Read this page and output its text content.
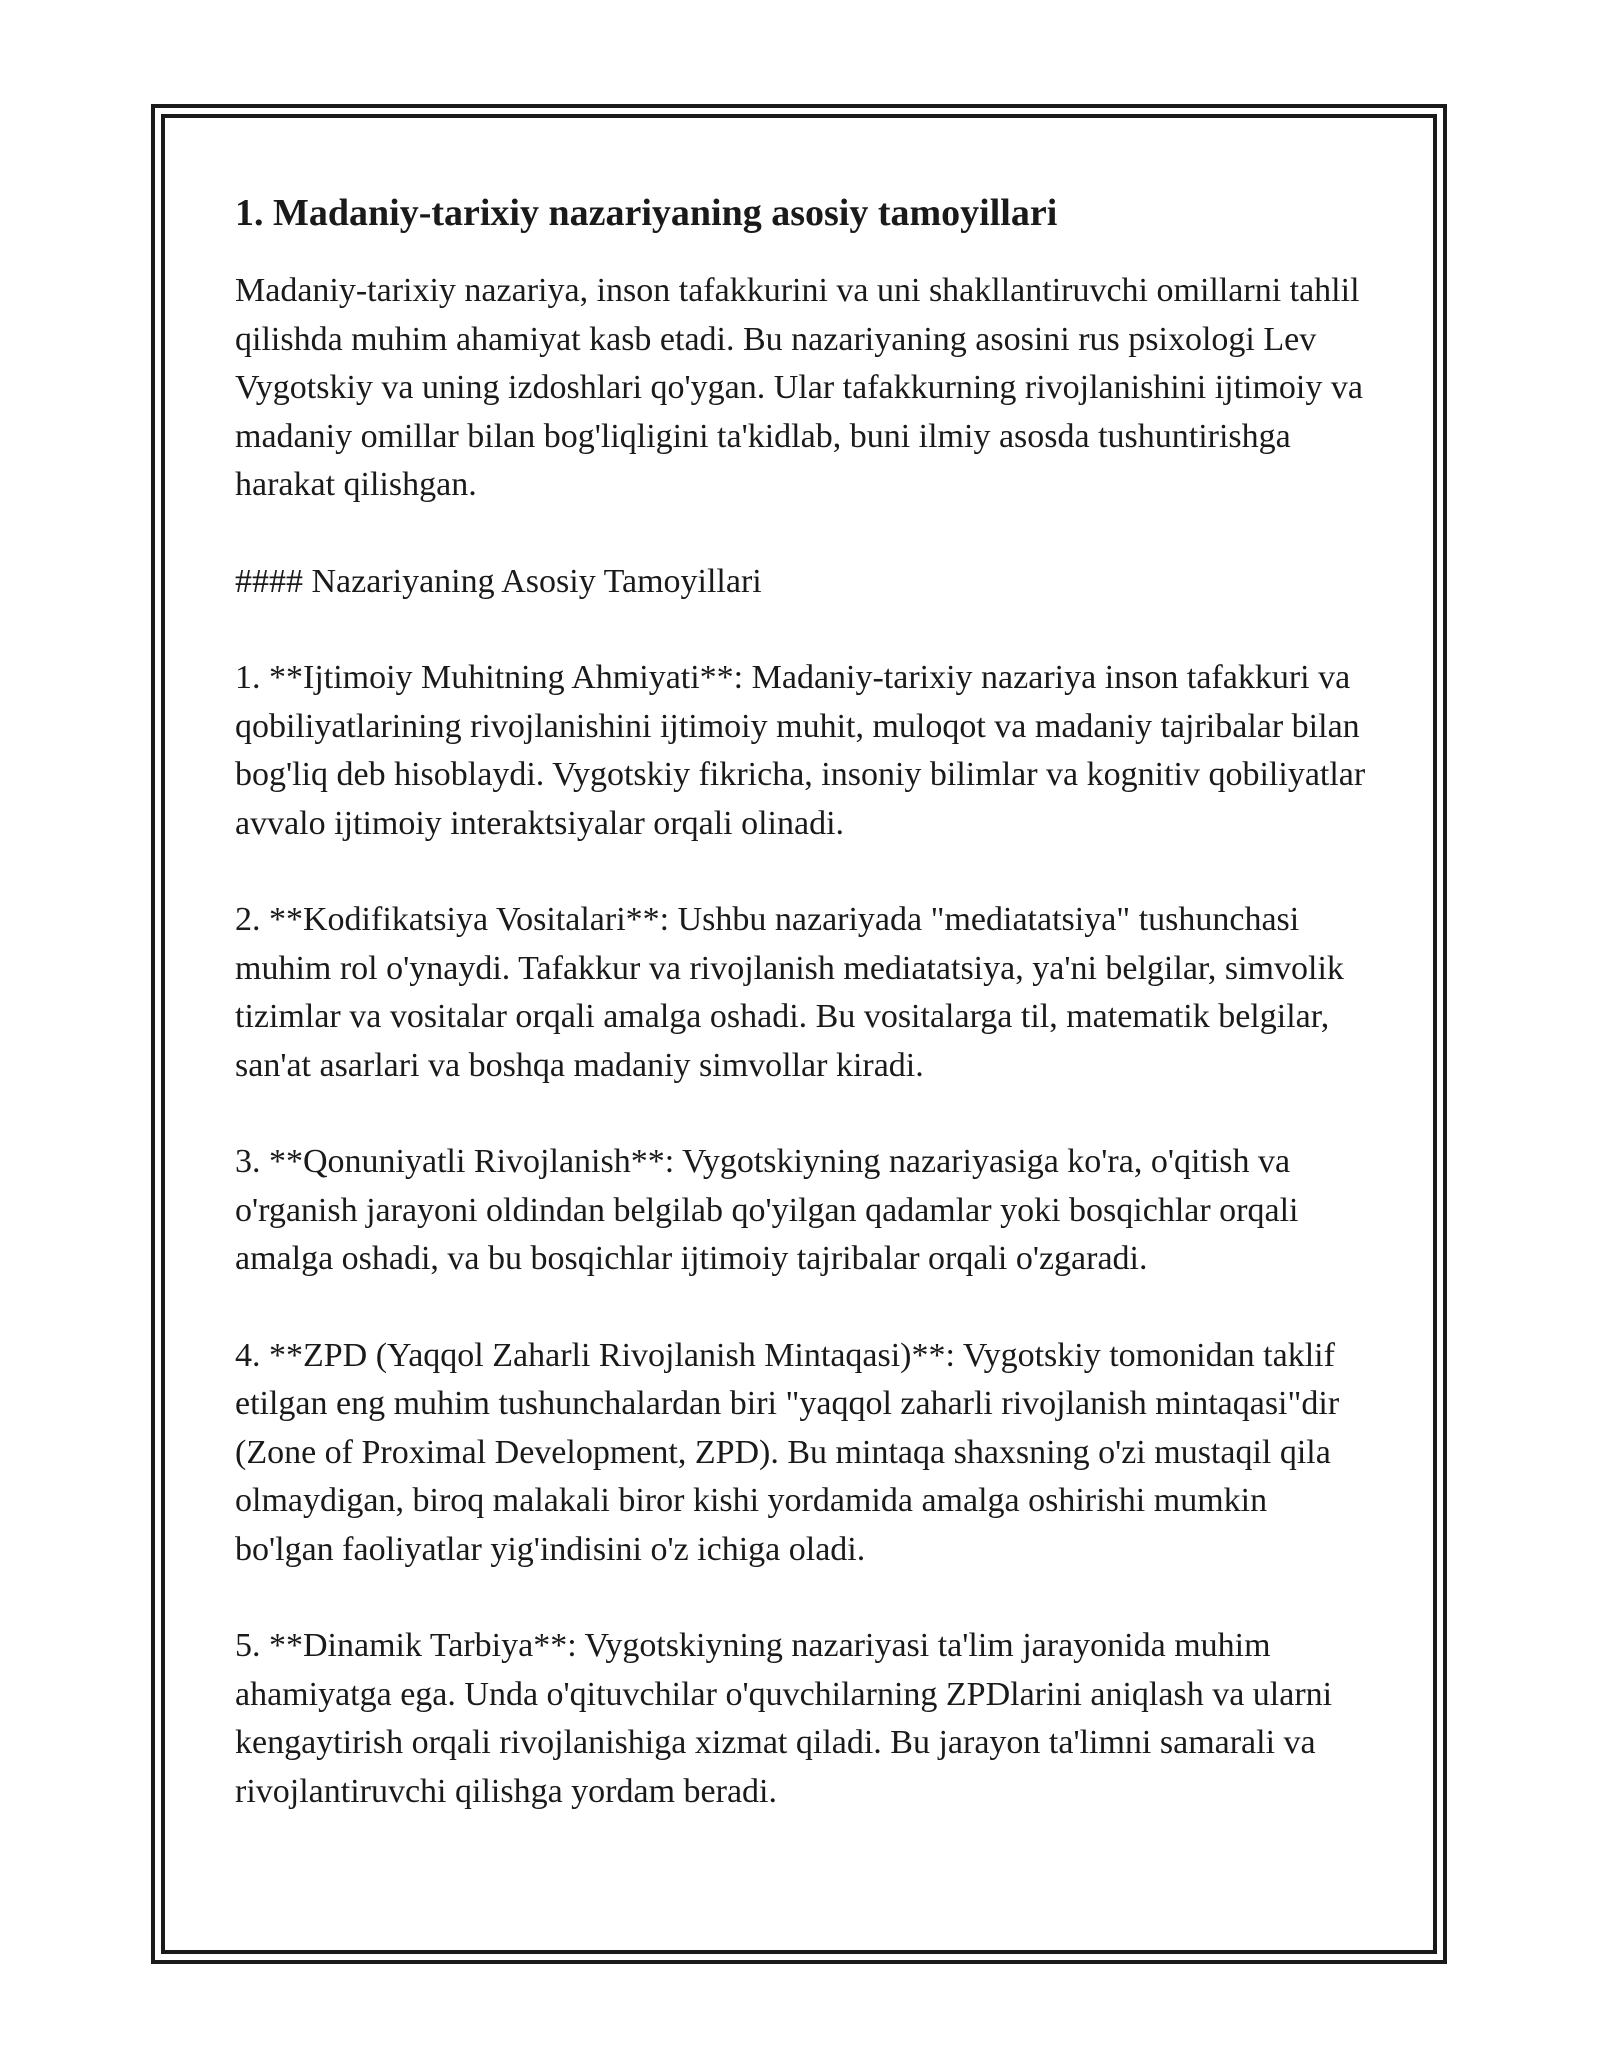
1. Madaniy-tarixiy nazariyaning asosiy tamoyillari

Madaniy-tarixiy nazariya, inson tafakkurini va uni shakllantiruvchi omillarni tahlil qilishda muhim ahamiyat kasb etadi. Bu nazariyaning asosini rus psixologi Lev Vygotskiy va uning izdoshlari qo'ygan. Ular tafakkurning rivojlanishini ijtimoiy va madaniy omillar bilan bog'liqligini ta'kidlab, buni ilmiy asosda tushuntirishga harakat qilishgan.

#### Nazariyaning Asosiy Tamoyillari

1. **Ijtimoiy Muhitning Ahmiyati**: Madaniy-tarixiy nazariya inson tafakkuri va qobiliyatlarining rivojlanishini ijtimoiy muhit, muloqot va madaniy tajribalar bilan bog'liq deb hisoblaydi. Vygotskiy fikricha, insoniy bilimlar va kognitiv qobiliyatlar avvalo ijtimoiy interaktsiyalar orqali olinadi.

2. **Kodifikatsiya Vositalari**: Ushbu nazariyada "mediatatsiya" tushunchasi muhim rol o'ynaydi. Tafakkur va rivojlanish mediatatsiya, ya'ni belgilar, simvolik tizimlar va vositalar orqali amalga oshadi. Bu vositalarga til, matematik belgilar, san'at asarlari va boshqa madaniy simvollar kiradi.

3. **Qonuniyatli Rivojlanish**: Vygotskiyning nazariyasiga ko'ra, o'qitish va o'rganish jarayoni oldindan belgilab qo'yilgan qadamlar yoki bosqichlar orqali amalga oshadi, va bu bosqichlar ijtimoiy tajribalar orqali o'zgaradi.

4. **ZPD (Yaqqol Zaharli Rivojlanish Mintaqasi)**: Vygotskiy tomonidan taklif etilgan eng muhim tushunchalardan biri "yaqqol zaharli rivojlanish mintaqasi"dir (Zone of Proximal Development, ZPD). Bu mintaqa shaxsning o'zi mustaqil qila olmaydigan, biroq malakali biror kishi yordamida amalga oshirishi mumkin bo'lgan faoliyatlar yig'indisini o'z ichiga oladi.

5. **Dinamik Tarbiya**: Vygotskiyning nazariyasi ta'lim jarayonida muhim ahamiyatga ega. Unda o'qituvchilar o'quvchilarning ZPDlarini aniqlash va ularni kengaytirish orqali rivojlanishiga xizmat qiladi. Bu jarayon ta'limni samarali va rivojlantiruvchi qilishga yordam beradi.
